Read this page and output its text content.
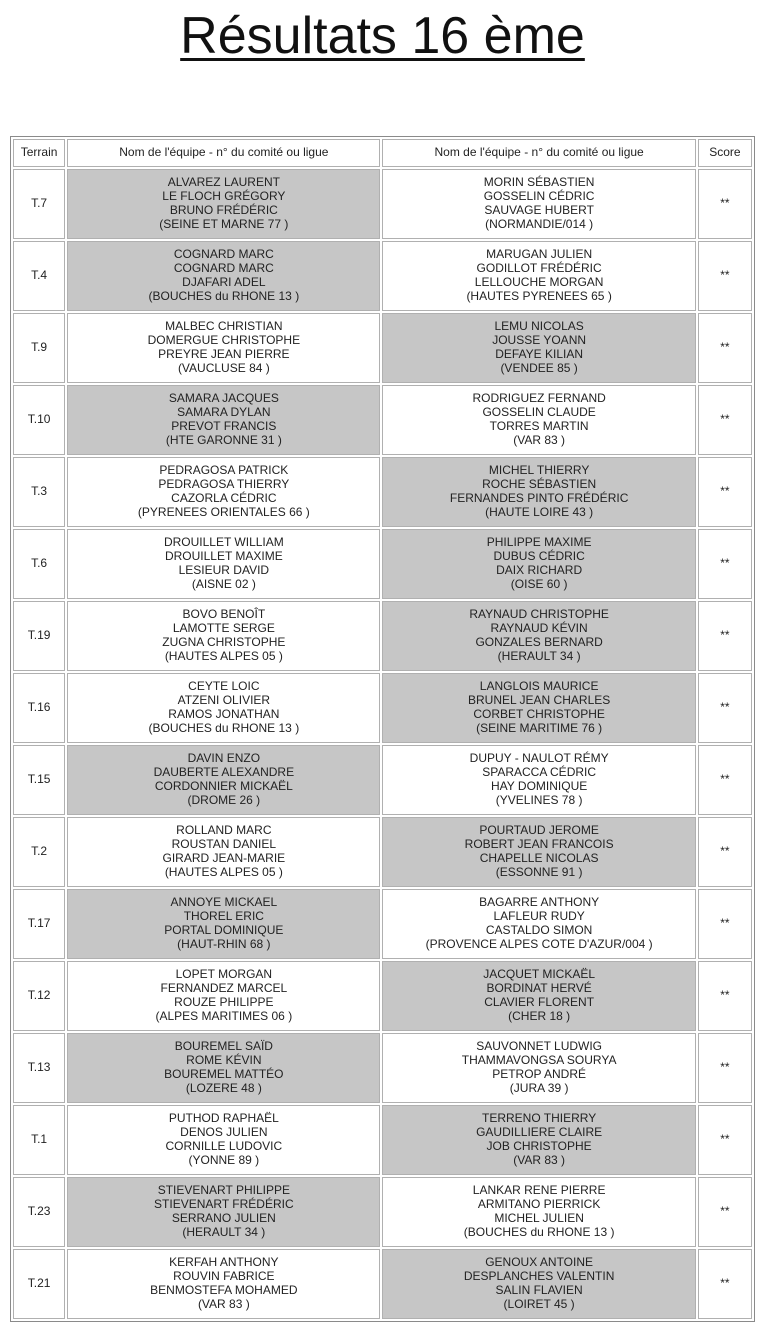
Résultats 16 ème
Terrain	Nom de l'équipe - n° du comité ou ligue	Nom de l'équipe - n° du comité ou ligue	Score
T.7	ALVAREZ LAURENT
LE FLOCH GRÉGORY
BRUNO FRÉDÉRIC
(SEINE ET MARNE 77 )	MORIN SÉBASTIEN
GOSSELIN CÉDRIC
SAUVAGE HUBERT
(NORMANDIE/014 )	**
T.4	COGNARD MARC
COGNARD MARC
DJAFARI ADEL
(BOUCHES du RHONE 13 )	MARUGAN JULIEN
GODILLOT FRÉDÉRIC
LELLOUCHE MORGAN
(HAUTES PYRENEES 65 )	**
T.9	MALBEC CHRISTIAN
DOMERGUE CHRISTOPHE
PREYRE JEAN PIERRE
(VAUCLUSE 84 )	LEMU NICOLAS
JOUSSE YOANN
DEFAYE KILIAN
(VENDEE 85 )	**
T.10	SAMARA JACQUES
SAMARA DYLAN
PREVOT FRANCIS
(HTE GARONNE 31 )	RODRIGUEZ FERNAND
GOSSELIN CLAUDE
TORRES MARTIN
(VAR 83 )	**
T.3	PEDRAGOSA PATRICK
PEDRAGOSA THIERRY
CAZORLA CÉDRIC
(PYRENEES ORIENTALES 66 )	MICHEL THIERRY
ROCHE SÉBASTIEN
FERNANDES PINTO FRÉDÉRIC
(HAUTE LOIRE 43 )	**
T.6	DROUILLET WILLIAM
DROUILLET MAXIME
LESIEUR DAVID
(AISNE 02 )	PHILIPPE MAXIME
DUBUS CÉDRIC
DAIX RICHARD
(OISE 60 )	**
T.19	BOVO BENOÎT
LAMOTTE SERGE
ZUGNA CHRISTOPHE
(HAUTES ALPES 05 )	RAYNAUD CHRISTOPHE
RAYNAUD KÉVIN
GONZALES BERNARD
(HERAULT 34 )	**
T.16	CEYTE LOIC
ATZENI OLIVIER
RAMOS JONATHAN
(BOUCHES du RHONE 13 )	LANGLOIS MAURICE
BRUNEL JEAN CHARLES
CORBET CHRISTOPHE
(SEINE MARITIME 76 )	**
T.15	DAVIN ENZO
DAUBERTE ALEXANDRE
CORDONNIER MICKAËL
(DROME 26 )	DUPUY - NAULOT RÉMY
SPARACCA CÉDRIC
HAY DOMINIQUE
(YVELINES 78 )	**
T.2	ROLLAND MARC
ROUSTAN DANIEL
GIRARD JEAN-MARIE
(HAUTES ALPES 05 )	POURTAUD JEROME
ROBERT JEAN FRANCOIS
CHAPELLE NICOLAS
(ESSONNE 91 )	**
T.17	ANNOYE MICKAEL
THOREL ERIC
PORTAL DOMINIQUE
(HAUT-RHIN 68 )	BAGARRE ANTHONY
LAFLEUR RUDY
CASTALDO SIMON
(PROVENCE ALPES COTE D'AZUR/004 )	**
T.12	LOPET MORGAN
FERNANDEZ MARCEL
ROUZE PHILIPPE
(ALPES MARITIMES 06 )	JACQUET MICKAËL
BORDINAT HERVÉ
CLAVIER FLORENT
(CHER 18 )	**
T.13	BOUREMEL SAÏD
ROME KÉVIN
BOUREMEL MATTÉO
(LOZERE 48 )	SAUVONNET LUDWIG
THAMMAVONGSA SOURYA
PETROP ANDRÉ
(JURA 39 )	**
T.1	PUTHOD RAPHAËL
DENOS JULIEN
CORNILLE LUDOVIC
(YONNE 89 )	TERRENO THIERRY
GAUDILLIERE CLAIRE
JOB CHRISTOPHE
(VAR 83 )	**
T.23	STIEVENART PHILIPPE
STIEVENART FRÉDÉRIC
SERRANO JULIEN
(HERAULT 34 )	LANKAR RENE PIERRE
ARMITANO PIERRICK
MICHEL JULIEN
(BOUCHES du RHONE 13 )	**
T.21	KERFAH ANTHONY
ROUVIN FABRICE
BENMOSTEFA MOHAMED
(VAR 83 )	GENOUX ANTOINE
DESPLANCHES VALENTIN
SALIN FLAVIEN
(LOIRET 45 )	**
